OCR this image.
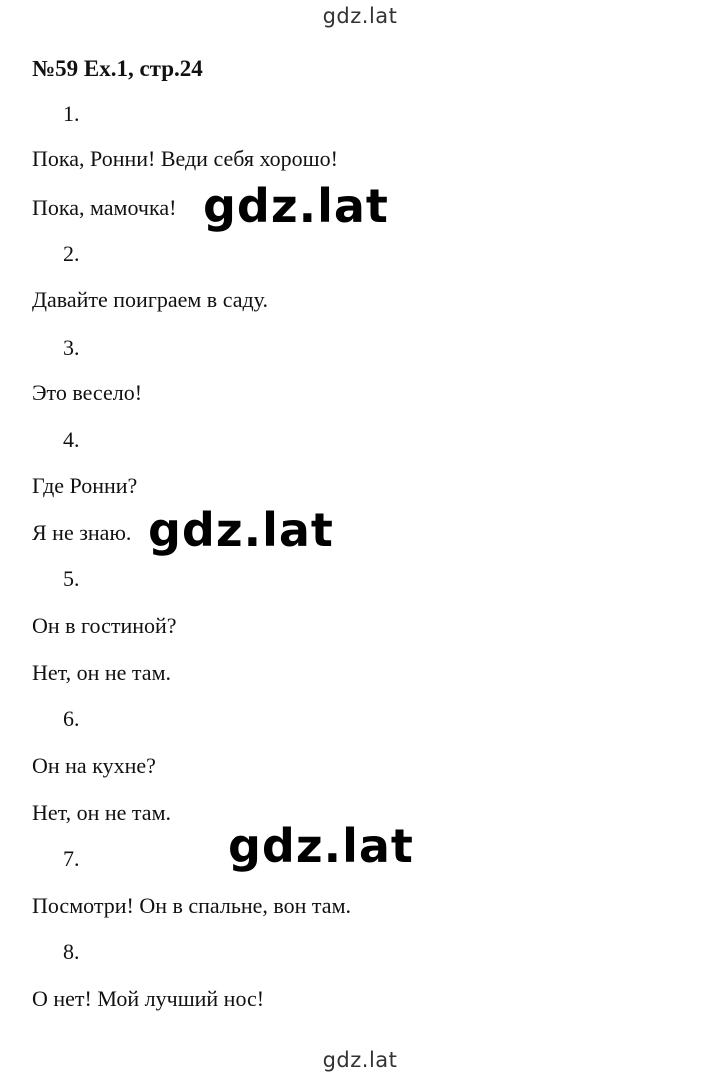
gdz.lat
№59 Ex.1, стр.24
1.
Пока, Ронни! Веди себя хорошо!
Пока, мамочка! gdz.lat
2.
Давайте поиграем в саду.
3.
Это весело!
4.
Где Ронни?
Я не знаю. gdz.lat
5.
Он в гостиной?
Нет, он не там.
6.
Он на кухне?
Нет, он не там.
gdz.lat
7.
Посмотри! Он в спальне, вон там.
8.
О нет! Мой лучший нос!
gdz.lat
